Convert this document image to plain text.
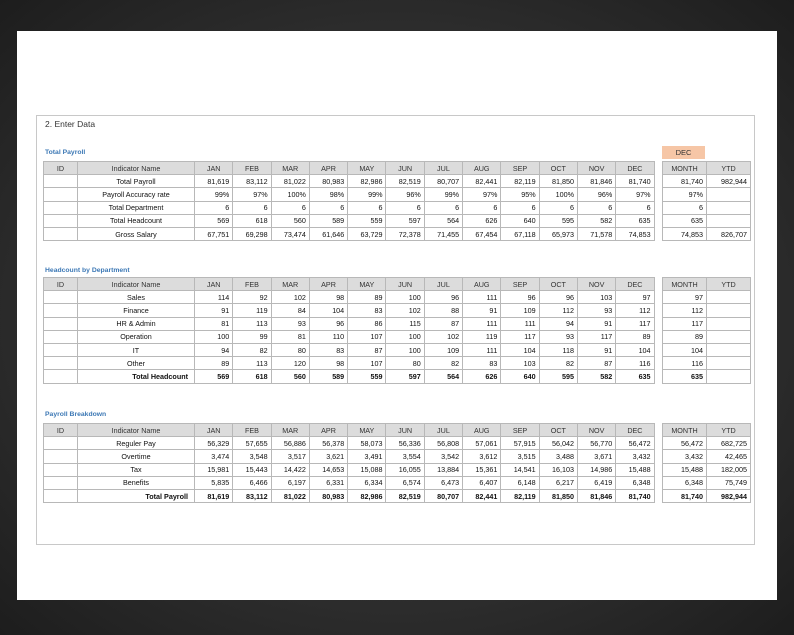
2. Enter Data
DEC
Total Payroll
Headcount by Department
Payroll Breakdown
ID	Indicator Name	JAN	FEB	MAR	APR	MAY	JUN	JUL	AUG	SEP	OCT	NOV	DEC
	Total Payroll	81,619	83,112	81,022	80,983	82,986	82,519	80,707	82,441	82,119	81,850	81,846	81,740
	Payroll Accuracy rate	99%	97%	100%	98%	99%	96%	99%	97%	95%	100%	96%	97%
	Total Department	6	6	6	6	6	6	6	6	6	6	6	6
	Total Headcount	569	618	560	589	559	597	564	626	640	595	582	635
	Gross Salary	67,751	69,298	73,474	61,646	63,729	72,378	71,455	67,454	67,118	65,973	71,578	74,853
ID	Indicator Name	JAN	FEB	MAR	APR	MAY	JUN	JUL	AUG	SEP	OCT	NOV	DEC
	Sales	114	92	102	98	89	100	96	111	96	96	103	97
	Finance	91	119	84	104	83	102	88	91	109	112	93	112
	HR & Admin	81	113	93	96	86	115	87	111	111	94	91	117
	Operation	100	99	81	110	107	100	102	119	117	93	117	89
	IT	94	82	80	83	87	100	109	111	104	118	91	104
	Other	89	113	120	98	107	80	82	83	103	82	87	116
	Total Headcount	569	618	560	589	559	597	564	626	640	595	582	635
ID	Indicator Name	JAN	FEB	MAR	APR	MAY	JUN	JUL	AUG	SEP	OCT	NOV	DEC
	Reguler Pay	56,329	57,655	56,886	56,378	58,073	56,336	56,808	57,061	57,915	56,042	56,770	56,472
	Overtime	3,474	3,548	3,517	3,621	3,491	3,554	3,542	3,612	3,515	3,488	3,671	3,432
	Tax	15,981	15,443	14,422	14,653	15,088	16,055	13,884	15,361	14,541	16,103	14,986	15,488
	Benefits	5,835	6,466	6,197	6,331	6,334	6,574	6,473	6,407	6,148	6,217	6,419	6,348
	Total Payroll	81,619	83,112	81,022	80,983	82,986	82,519	80,707	82,441	82,119	81,850	81,846	81,740
MONTH	YTD
81,740	982,944
97%	
6	
635	
74,853	826,707
MONTH	YTD
97	
112	
117	
89	
104	
116	
635	
MONTH	YTD
56,472	682,725
3,432	42,465
15,488	182,005
6,348	75,749
81,740	982,944
